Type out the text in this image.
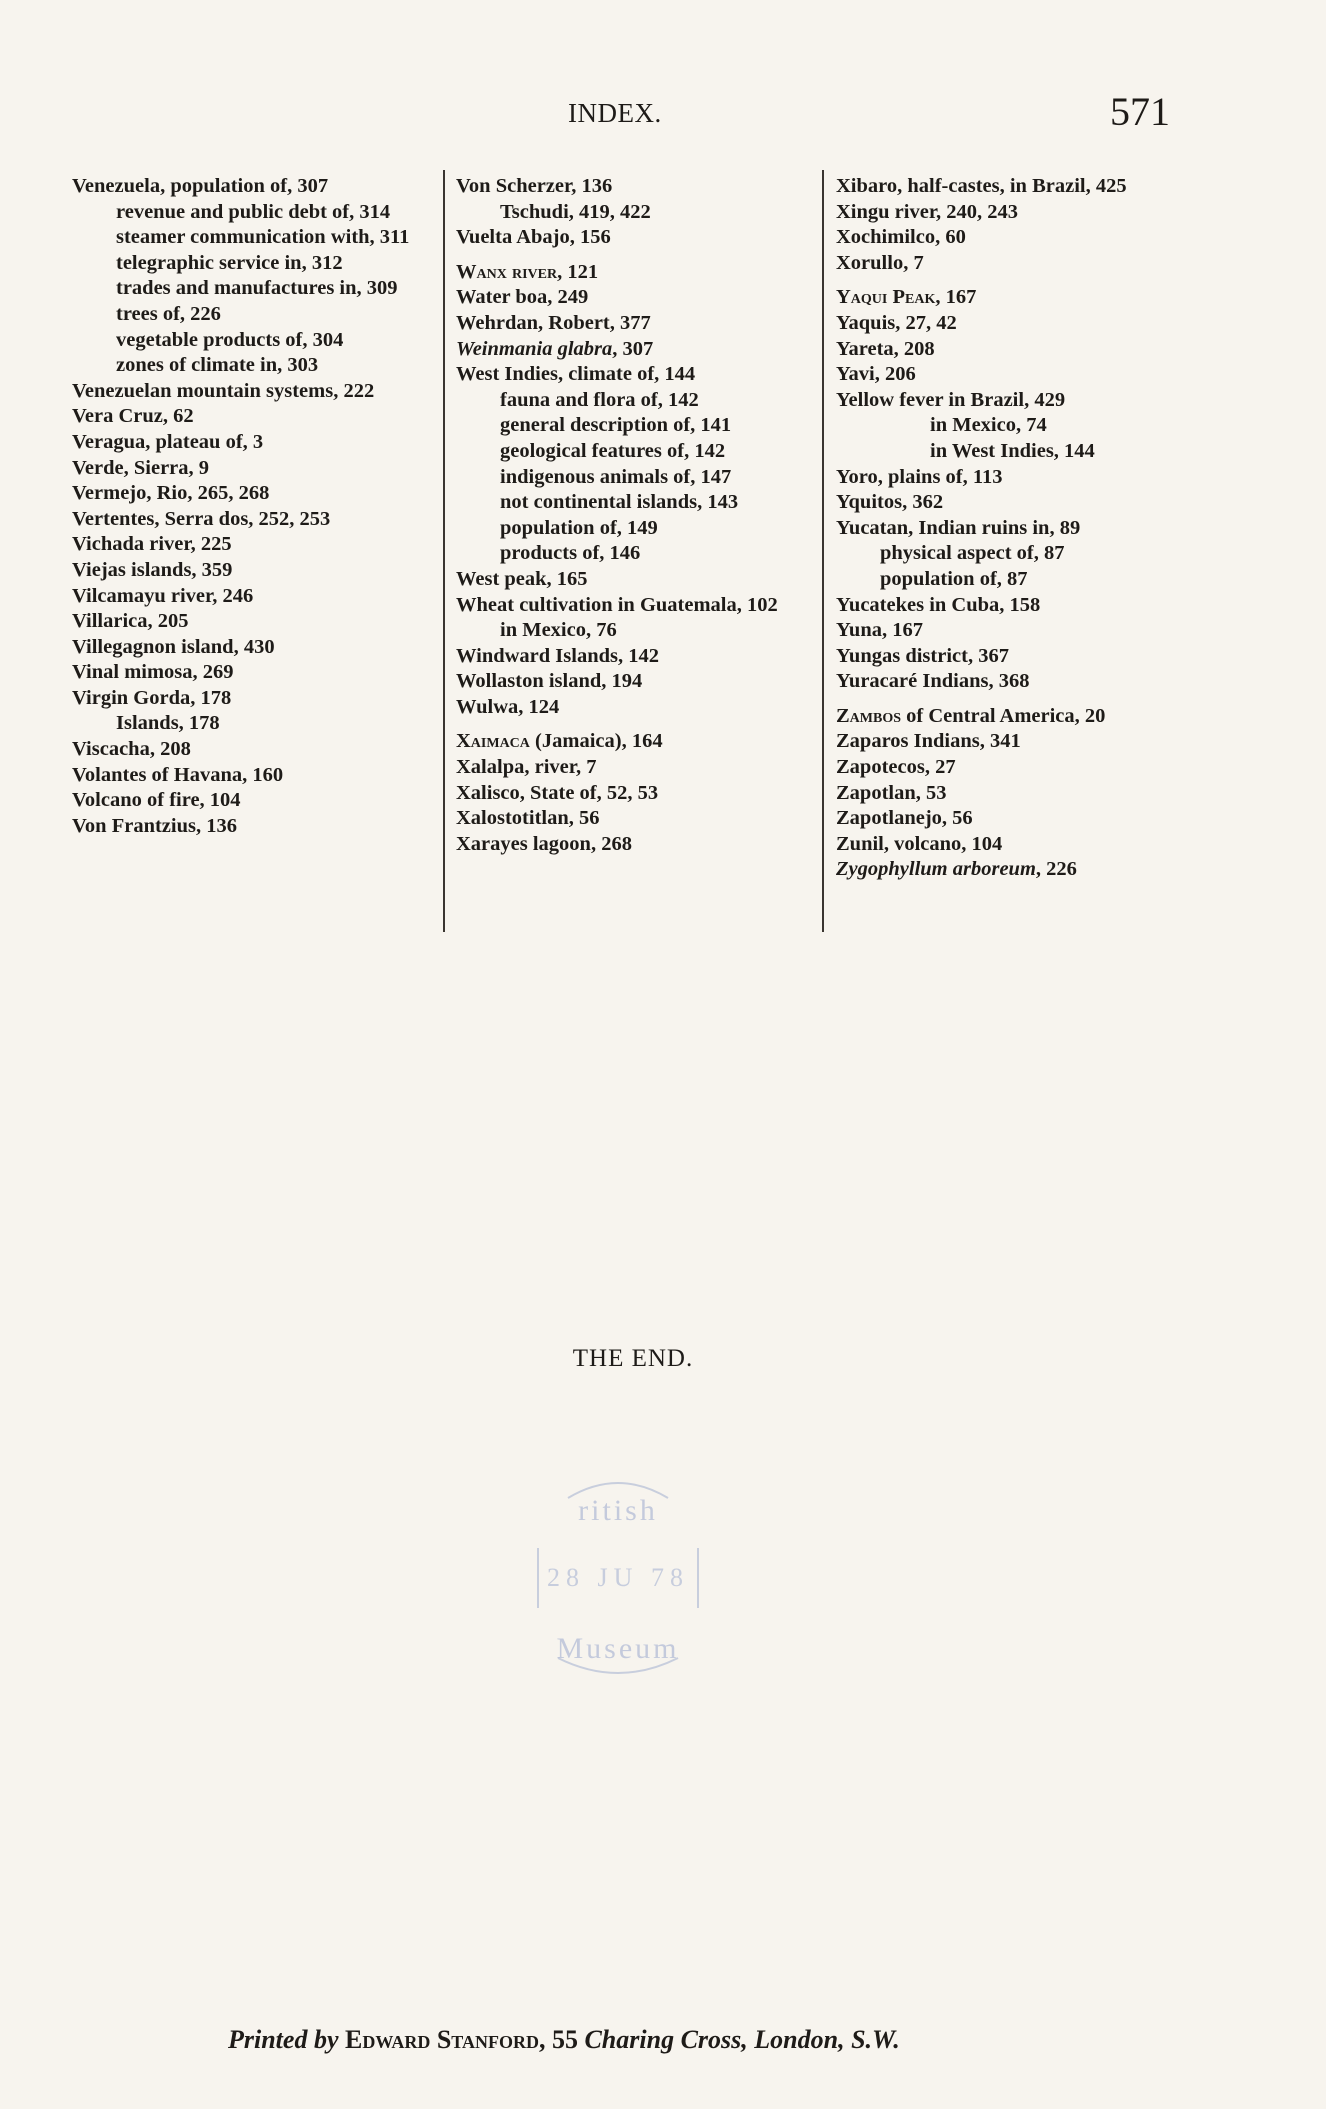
INDEX.	571
Venezuela, population of, 307
revenue and public debt of, 314
steamer communication with, 311
telegraphic service in, 312
trades and manufactures in, 309
trees of, 226
vegetable products of, 304
zones of climate in, 303
Venezuelan mountain systems, 222
Vera Cruz, 62
Veragua, plateau of, 3
Verde, Sierra, 9
Vermejo, Rio, 265, 268
Vertentes, Serra dos, 252, 253
Vichada river, 225
Viejas islands, 359
Vilcamayu river, 246
Villarica, 205
Villegagnon island, 430
Vinal mimosa, 269
Virgin Gorda, 178
Islands, 178
Viscacha, 208
Volantes of Havana, 160
Volcano of fire, 104
Von Frantzius, 136
Von Scherzer, 136
Tschudi, 419, 422
Vuelta Abajo, 156
Wanx river, 121
Water boa, 249
Wehrdan, Robert, 377
Weinmania glabra, 307
West Indies, climate of, 144
fauna and flora of, 142
general description of, 141
geological features of, 142
indigenous animals of, 147
not continental islands, 143
population of, 149
products of, 146
West peak, 165
Wheat cultivation in Guatemala, 102
in Mexico, 76
Windward Islands, 142
Wollaston island, 194
Wulwa, 124
Xaimaca (Jamaica), 164
Xalalpa, river, 7
Xalisco, State of, 52, 53
Xalostotitlan, 56
Xarayes lagoon, 268
Xibaro, half-castes, in Brazil, 425
Xingu river, 240, 243
Xochimilco, 60
Xorullo, 7
Yaqui Peak, 167
Yaquis, 27, 42
Yareta, 208
Yavi, 206
Yellow fever in Brazil, 429
in Mexico, 74
in West Indies, 144
Yoro, plains of, 113
Yquitos, 362
Yucatan, Indian ruins in, 89
physical aspect of, 87
population of, 87
Yucatekes in Cuba, 158
Yuna, 167
Yungas district, 367
Yuracaré Indians, 368
Zambos of Central America, 20
Zaparos Indians, 341
Zapotecos, 27
Zapotlan, 53
Zapotlanejo, 56
Zunil, volcano, 104
Zygophyllum arboreum, 226
THE END.
ritish
28 JU 78
Museum
Printed by Edward Stanford, 55 Charing Cross, London, S.W.
